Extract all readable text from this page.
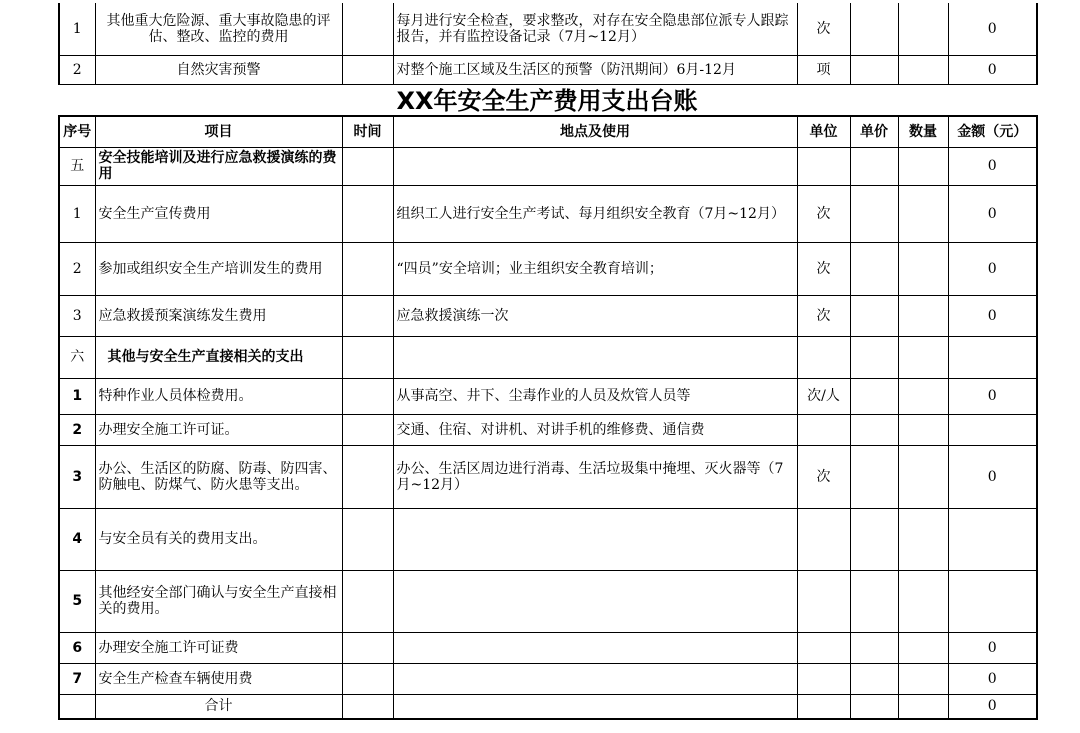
1	其他重大危险源、重大事故隐患的评估、整改、监控的费用		每月进行安全检查，要求整改，对存在安全隐患部位派专人跟踪报告，并有监控设备记录（7月~12月）	次			0
2	自然灾害预警		对整个施工区域及生活区的预警（防汛期间）6月-12月	项			0
XX年安全生产费用支出台账
序号	项目	时间	地点及使用	单位	单价	数量	金额（元）
五	安全技能培训及进行应急救援演练的费用						0
1	安全生产宣传费用		组织工人进行安全生产考试、每月组织安全教育（7月~12月）	次			0
2	参加或组织安全生产培训发生的费用		“四员”安全培训；业主组织安全教育培训；	次			0
3	应急救援预案演练发生费用		应急救援演练一次	次			0
六	其他与安全生产直接相关的支出						
1	特种作业人员体检费用。		从事高空、井下、尘毒作业的人员及炊管人员等	次/人			0
2	办理安全施工许可证。		交通、住宿、对讲机、对讲手机的维修费、通信费				
3	办公、生活区的防腐、防毒、防四害、防触电、防煤气、防火患等支出。		办公、生活区周边进行消毒、生活垃圾集中掩埋、灭火器等（7月~12月）	次			0
4	与安全员有关的费用支出。						
5	其他经安全部门确认与安全生产直接相关的费用。						
6	办理安全施工许可证费						0
7	安全生产检查车辆使用费						0
	合计						0
